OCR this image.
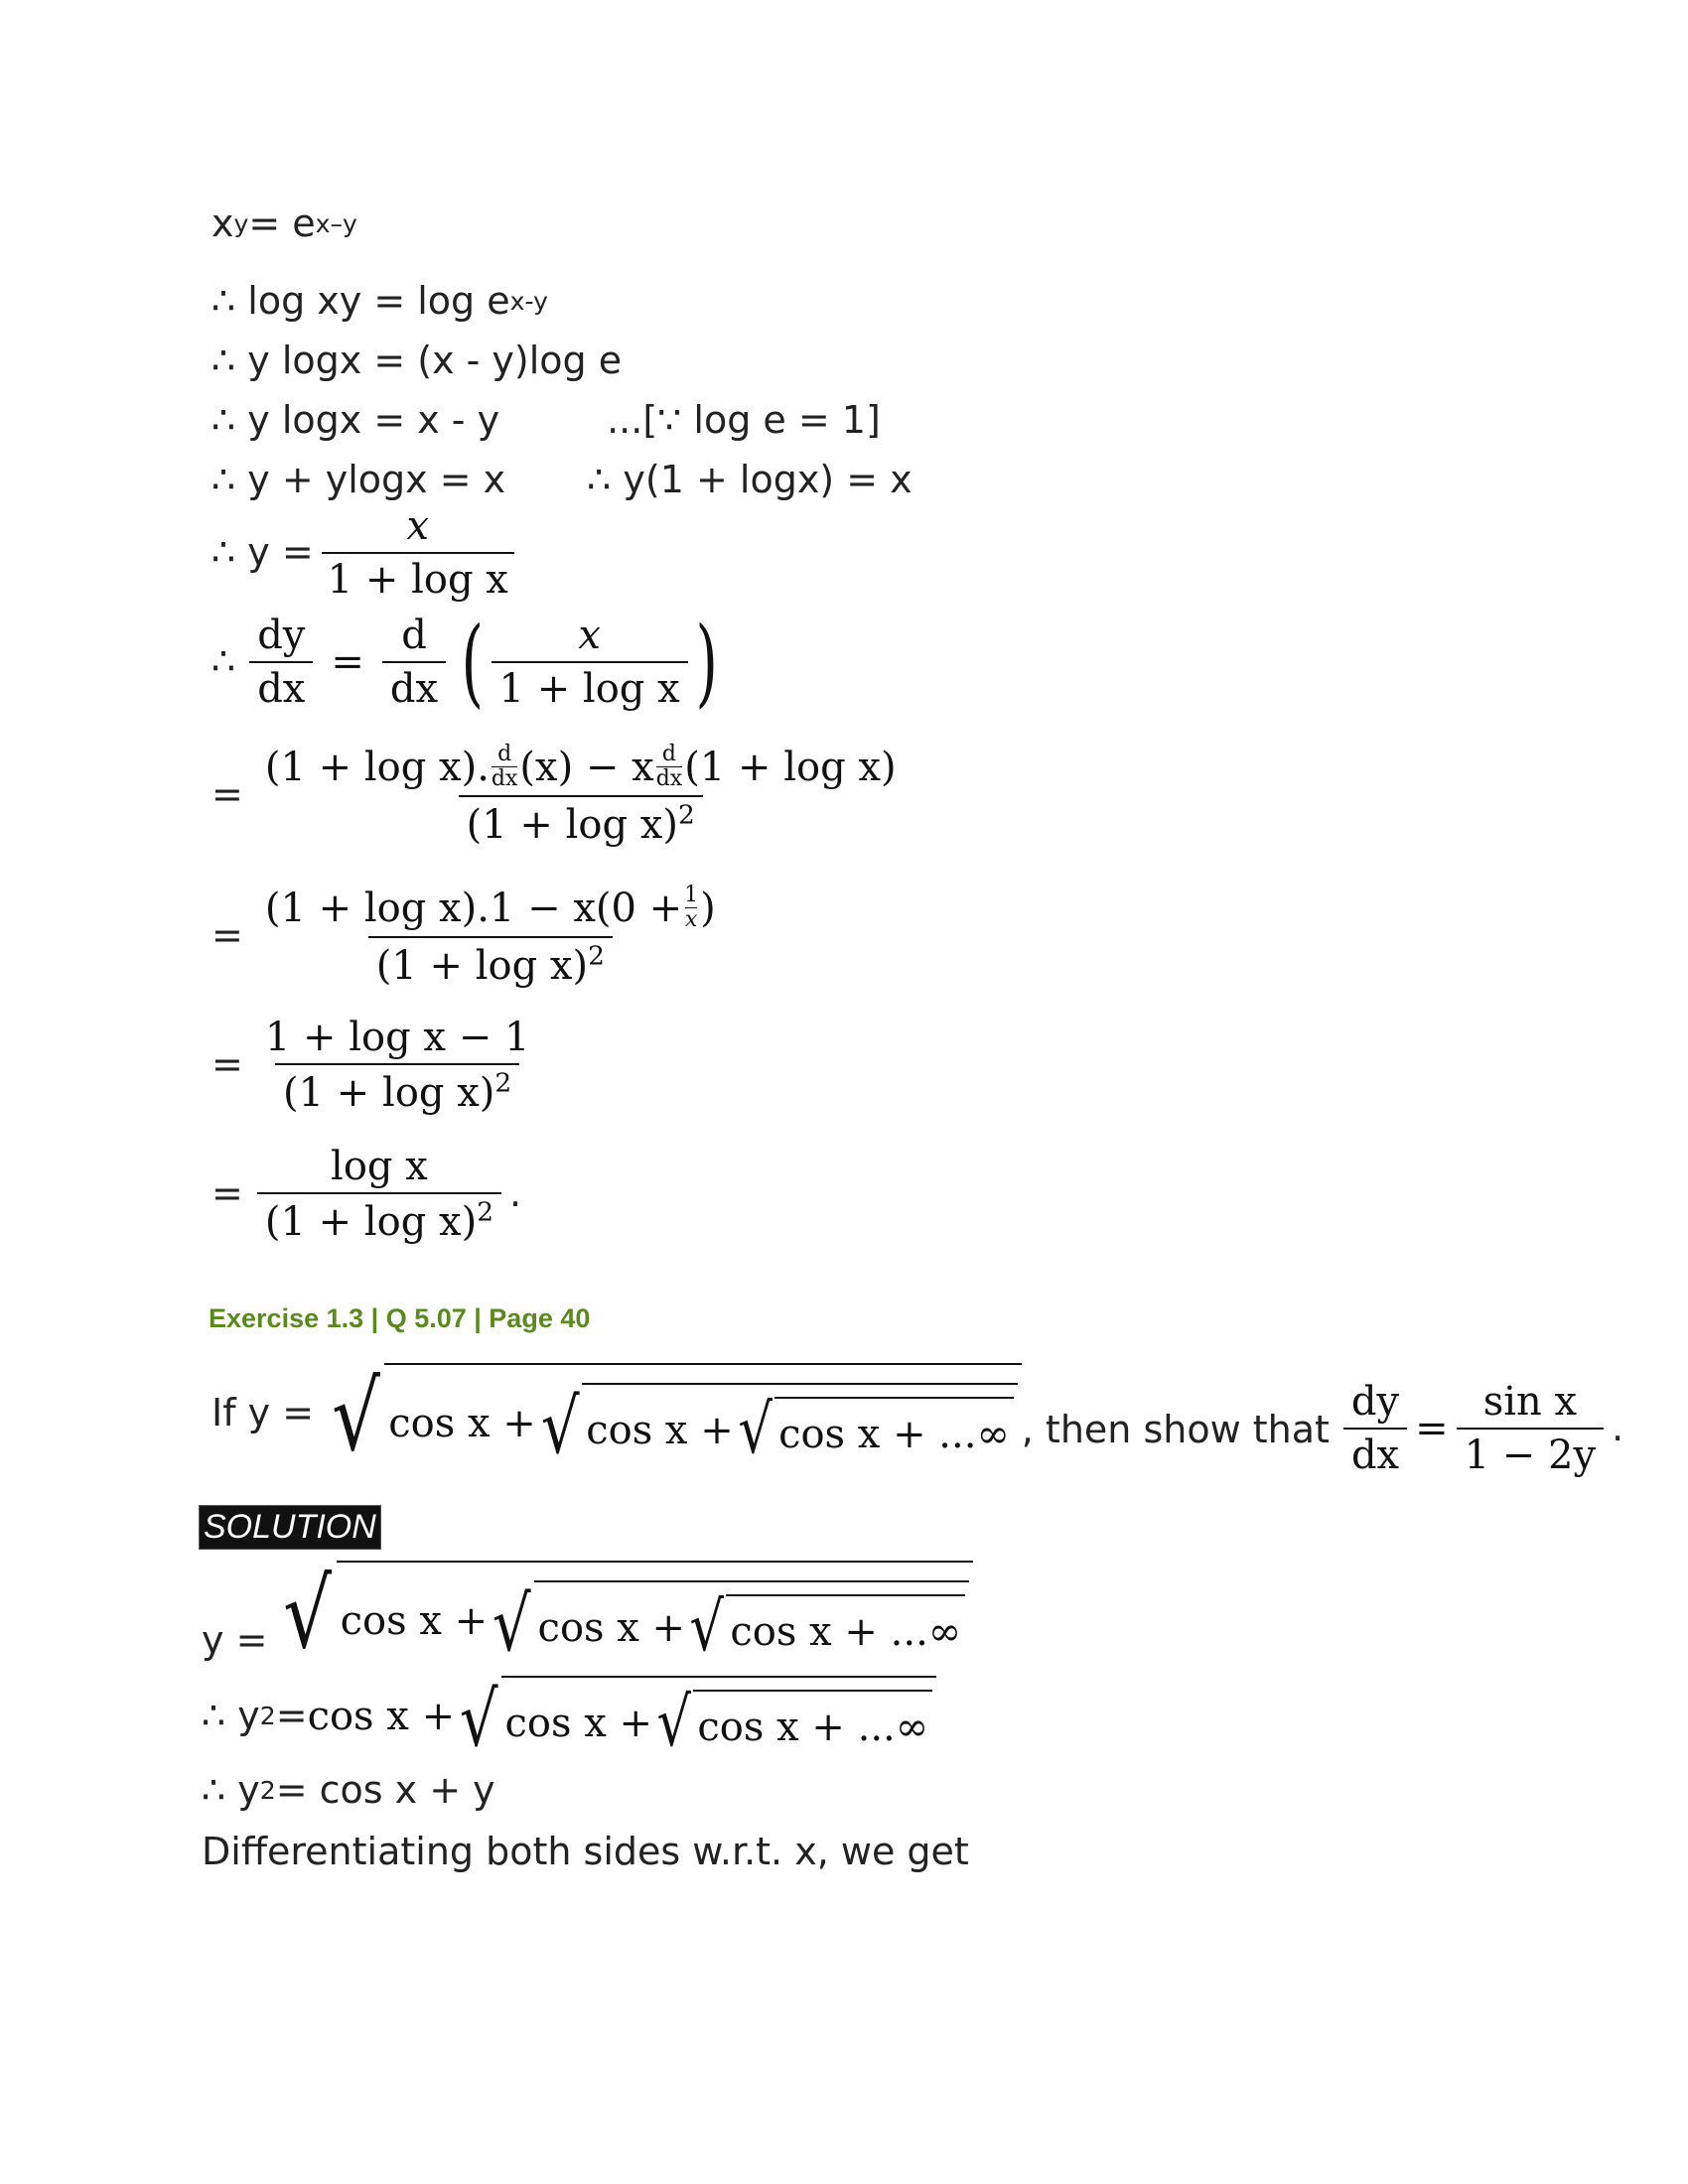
x y = e x–y
∴ log xy = log e x-y
∴ y logx = (x - y)log e
∴ y logx = x - y	...[∵ log e = 1]
∴ y + ylogx = x ∴ y(1 + logx) = x
∴ $y = \frac{x}{\text{1 + log x}}$
∴ $\frac{dy}{dx} = \frac{d}{dx}$ ( $\frac{x}{\text{1 + log x}}$ )
=
(1 + log x). d
dx (x) − x d
dx (1 + log x)
$(1 + \log x)^2$
= $\frac{(1 + \log x).1 - x(0 + \frac{1}{x} )}{(1 + \log x)^2}$
= $\frac{\text{1 + log x − 1}}{(1 + \log x)^2}$
= $\frac{\text{log x}}{(1 + \log x)^2}$ .
Exercise 1.3 | Q 5.07 | Page 40
If y = √ cos x + √ cos x + √ cos x + ...∞ , then show that $\frac{dy}{dx} = \frac{\text{sin x}}{1 - 2y}$ .
SOLUTION
y = √ cos x + √ cos x + √ cos x + ...∞
∴ y 2 = cos x + √ cos x + √ cos x + ...∞
∴ y 2 = cos x + y
Differentiating both sides w.r.t. x, we get
